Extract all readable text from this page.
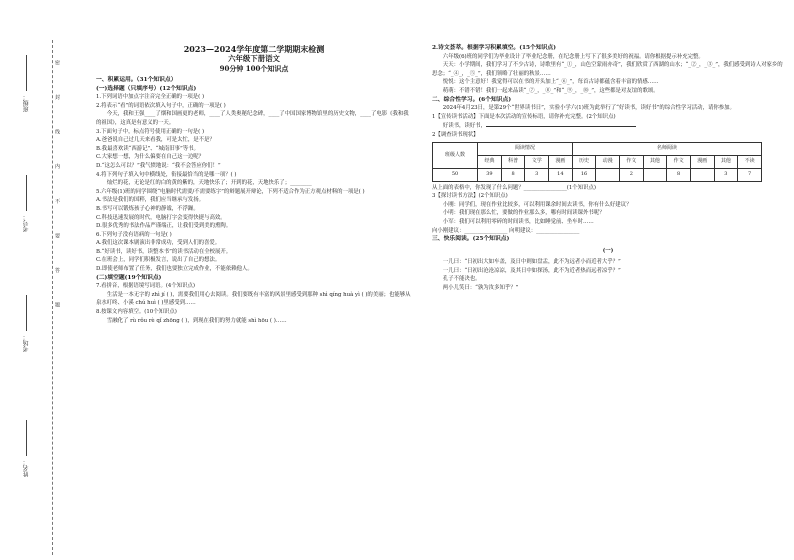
班级：
考号：
考场：
姓名：
密 封 线 内 不 要 答 题
2023—2024学年度第二学期期末检测
六年级下册语文
90分钟 100个知识点
一、积累运用。（31个知识点）
(一)选择题（只填序号）(12个知识点)
1.下列词语中加点字注音完全正确的一项是( )
2.将表示“看”的词语依次填入句子中，正确的一项是( )
今天，我和王强____了烟和国画更的老师，____了人类奥秘纪念碑，____了中国国家博物馆里的历史文物，____了电影《我和我的祖国》，这真是有意义的一天。
3.下面句子中，标点符号使用正确的一句是( )
A.爸爸说自己过几天来看我，可是太忙，是不是？
B.我最喜欢读“西游记”、“城南旧事”等书。
C.大家想一想，为什么偏要在自己这一边呢？
D.“这怎么可以？”我气愤地说：“我不会答应你们！”
4.将下列句子填入句中横线处，衔接最恰当的是哪一项？( )
灿烂的花，无论是红的白的黄的紫的，天地快乐了；开到的花，天地快乐了；________
5.六年级(1)班的同学围绕“电脑时代需要/不需要练字”的辩题展开辩论，下列不适合作为正方观点材料的一项是( )
A.书法是我们的国粹，我们应当继承与发扬。
B.书写可以锻炼孩子心神的静谧，不浮躁。
C.科技迅速发展的时代，电脑打字会变得快捷与高效。
D.很多优秀的书法作品严谨端正，让我们受到美的熏陶。
6.下列句子没有语病的一句是( )
A.我们这次课本剧演出非常成功，受到人们的喜爱。
B.“好读书，读好书，读整本书”的读书活动在全校展开。
C.在班会上，同学们积极发言，说出了自己的想法。
D.即使老师布置了任务，我们也要独立完成作业，不能依赖他人。
(二)填空题(19个知识点)
7.看拼音，根据语境写词语。(4个知识点)
生活是一本无字的 zhì jí ( )，需要我们用心去阅读。我们要既有丰富的风景里感受到那种 shì qíng huà yì ( )的美丽；也能够从泉水叮咚、小溪 chú huì ( )里感受到……
8.按课文内容填空。(10个知识点)
雪融化了 rù rǒu rè qǐ zhōng ( )，到现在我们的努力就能 shì hōu ( )……
2.诗文荟萃。根据学习积累填空。(15个知识点)
六年级(6)班的同学们为毕业设计了毕业纪念册，在纪念册上写下了很多美好的祝福。请你根据提示补充完整。
天天：小学期间，我们学习了不少古诗，诗歌里有“_①_，山色空蒙雨亦奇”，我们欣赏了西湖的山水；“_②_，_③_”，我们感受到诗人对家乡的思念；“_④_，_⑤_”，我们领略了壮丽的秋景……
悦悦：这个主意好！我觉得可以在书的开头加上“_⑥_”，每首古诗都蕴含着丰富的情感……
萌萌：不错不错！我们一起来品读“_⑦_，_⑧_”和“_⑨_，_⑩_”，这些都是对友谊的歌颂。
二、综合性学习。(6个知识点)
2024年4月23日，是第29个“世界读书日”，实验小学六(1)班为此举行了“好读书，读好书”的综合性学习活动，请你参加。
1【宣传读书活动】下面是本次活动的宣传标语，请你补充完整。(2个知识点)
好读书，读好书，
2【调查读书现状】
班级人数	阅读情况				名师阅读							
	经典	科普	文学	漫画	历史	动漫	作文	其他	作文	漫画	其他	不读
50	39	8	3	14	16		2		8		3	7
从上面的表格中，你发现了什么问题？________________(1个知识点)
3【探讨读书方法】(2个知识点)
小刚：同学们，现在作业比较多，可以利用课余时间去读书，你有什么好建议？
小明：我们现在那么忙，要做的作业那么多，哪有时间读课外书呢？
小军：我们可以利用零碎的时间读书，比如睡觉前、坐车时……
向小刚建议：________________ 向明建议：________________
三、快乐阅读。(25个知识点)
(一)
一儿曰：“日初出大如车盖，及日中则如盘盂，此不为远者小而近者大乎？”
一儿曰：“日初出沧沧凉凉，及其日中如探汤，此不为近者热而远者凉乎？”
孔子不能决也。
两小儿笑曰：“孰为汝多知乎？”
